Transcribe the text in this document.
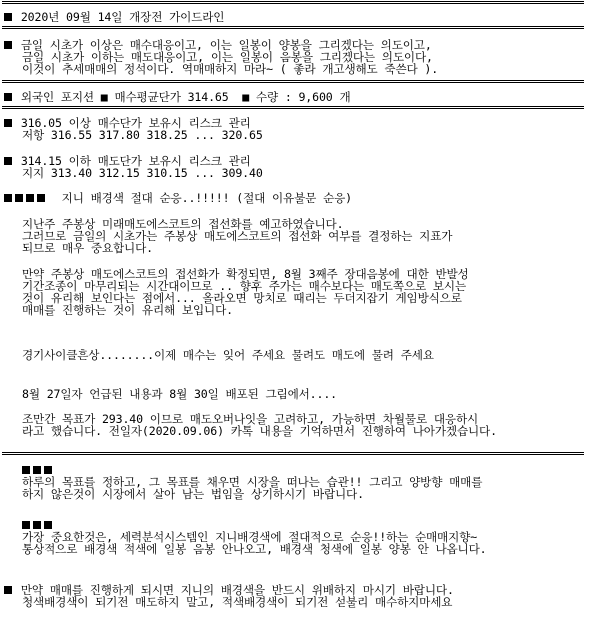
2020년 09월 14일 개장전 가이드라인
금일 시초가 이상은 매수대응이고, 이는 일봉이 양봉을 그리겠다는 의도이고,
금일 시초가 이하는 매도대응이고, 이는 일봉이 음봉을 그리겠다는 의도이다,
이것이 추세매매의 정석이다. 역매매하지 마라~ ( 좋라 개고생해도 죽쓴다 ).
외국인 포지션 ■ 매수평균단가 314.65  ■ 수량 : 9,600 개
316.05 이상 매수단가 보유시 리스크 관리
저항 316.55 317.80 318.25 ... 320.65
314.15 이하 매도단가 보유시 리스크 관리
지지 313.40 312.15 310.15 ... 309.40
지니 배경색 절대 순응..!!!!! (절대 이유불문 순응)
지난주 주봉상 미래매도에스코트의 접선화를 예고하였습니다.
그러므로 금일의 시초가는 주봉상 매도에스코트의 접선화 여부를 결정하는 지표가
되므로 매우 중요합니다.
만약 주봉상 매도에스코트의 접선화가 확정되면, 8월 3째주 장대음봉에 대한 반발성
기간조종이 마무리되는 시간대이므로 .. 향후 주가는 매수보다는 매도쪽으로 보시는
것이 유리해 보인다는 점에서... 올라오면 망치로 때리는 두더지잡기 게임방식으로
매매를 진행하는 것이 유리해 보입니다.
경기사이클흔상........이제 매수는 잊어 주세요 물려도 매도에 물려 주세요
8월 27일자 언급된 내용과 8월 30일 배포된 그림에서....
조만간 목표가 293.40 이므로 매도오버나잇을 고려하고, 가능하면 차월물로 대응하시
라고 했습니다. 전일자(2020.09.06) 카톡 내용을 기억하면서 진행하여 나아가겠습니다.
하루의 목표를 정하고, 그 목표를 채우면 시장을 떠나는 습관!! 그리고 양방향 매매를
하지 않은것이 시장에서 살아 남는 법임을 상기하시기 바랍니다.
가장 중요한것은, 세력분석시스템인 지니배경색에 절대적으로 순응!!하는 순매매지향~
통상적으로 배경색 적색에 일봉 음봉 안나오고, 배경색 청색에 일봉 양봉 안 나옵니다.
만약 매매를 진행하게 되시면 지니의 배경색을 반드시 위배하지 마시기 바랍니다.
청색배경색이 되기전 매도하지 말고, 적색배경색이 되기전 섣불리 매수하지마세요
